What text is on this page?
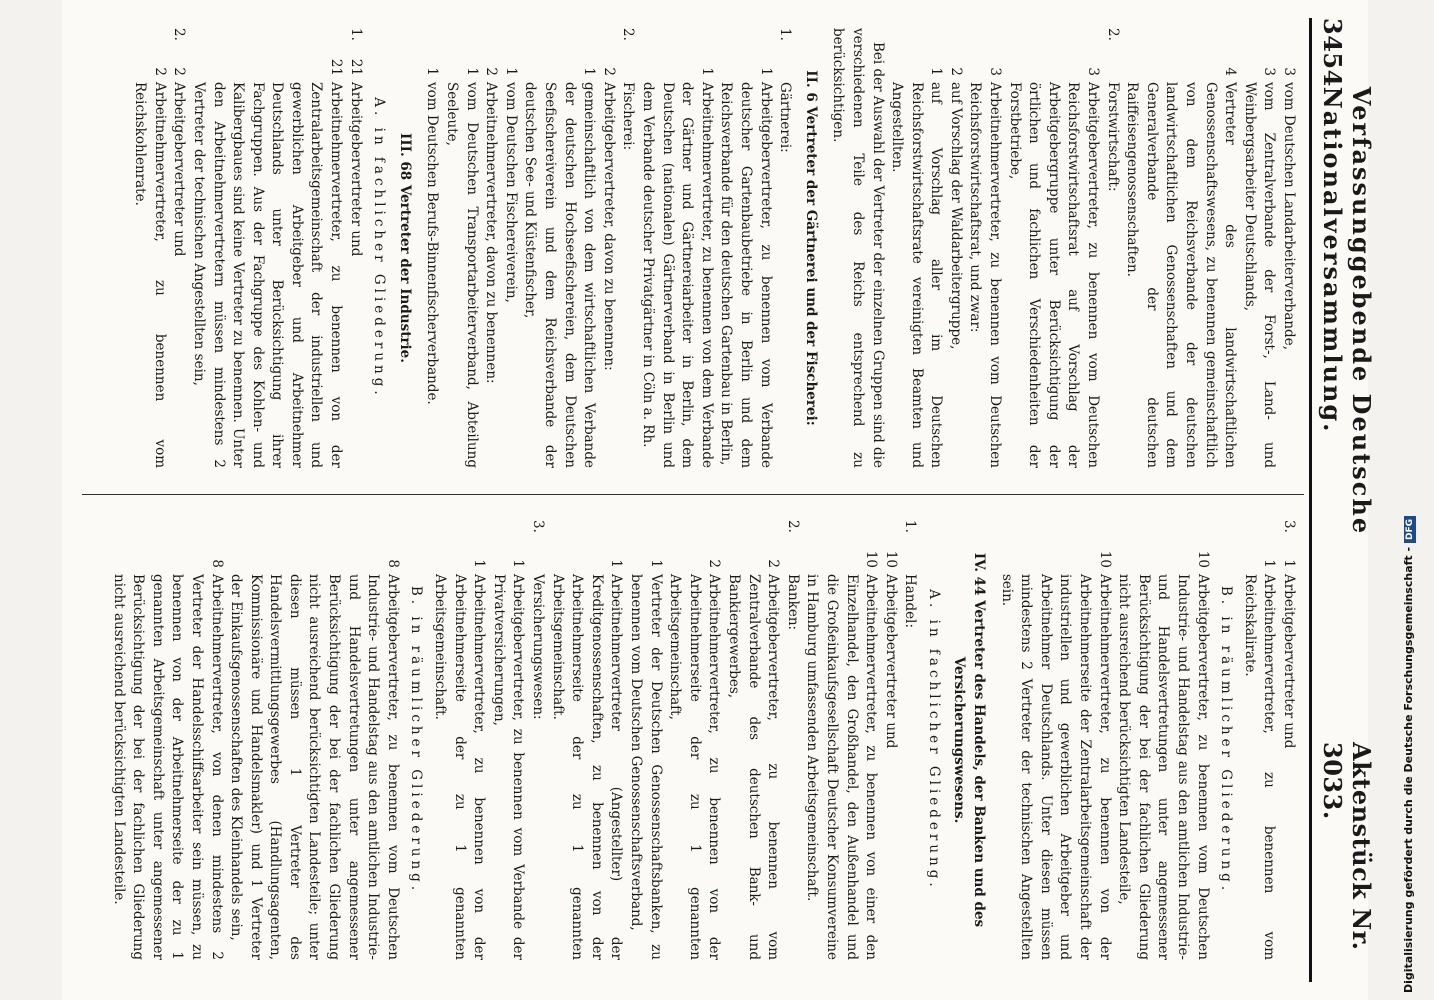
3454
Verfassunggebende Deutsche Nationalversammlung.
Aktenstück Nr. 3033.
3
vom Deutschen Landarbeiterverbande,
3
vom Zentralverbande der Forst-, Land- und Weinbergsarbeiter Deutschlands,
4
Vertreter des landwirtschaftlichen Genossenschaftswesens, zu benennen gemeinschaftlich von dem Reichsverbande der deutschen landwirtschaftlichen Genossenschaften und dem Generalverbande der deutschen Raiffeisengenossenschaften.
2.
Forstwirtschaft:
3
Arbeitgebervertreter, zu benennen vom Deutschen Reichsforstwirtschaftsrat auf Vorschlag der Arbeitgebergruppe unter Berücksichtigung der örtlichen und fachlichen Verschiedenheiten der Forstbetriebe,
3
Arbeitnehmervertreter, zu benennen vom Deutschen Reichsforstwirtschaftsrat, und zwar:
2
auf Vorschlag der Waldarbeitergruppe,
1
auf Vorschlag aller im Deutschen Reichsforstwirtschaftsrate vereinigten Beamten und Angestellten.
Bei der Auswahl der Vertreter der einzelnen Gruppen sind die verschiedenen Teile des Reichs entsprechend zu berücksichtigen.
II. 6 Vertreter der Gärtnerei und der Fischerei:
1.
Gärtnerei:
1
Arbeitgebervertreter, zu benennen vom Verbande deutscher Gartenbaubetriebe in Berlin und dem Reichsverbande für den deutschen Gartenbau in Berlin,
1
Arbeitnehmervertreter, zu benennen von dem Verbande der Gärtner und Gärtnereiarbeiter in Berlin, dem Deutschen (nationalen) Gärtnerverband in Berlin und dem Verbande deutscher Privatgärtner in Cöln a. Rh.
2.
Fischerei:
2
Arbeitgebervertreter, davon zu benennen:
1
gemeinschaftlich von dem wirtschaftlichen Verbande der deutschen Hochseefischereien, dem Deutschen Seefischereiverein und dem Reichsverbande der deutschen See- und Küstenfischer,
1
vom Deutschen Fischereiverein,
2
Arbeitnehmervertreter, davon zu benennen:
1
vom Deutschen Transportarbeiterverband, Abteilung Seeleute,
1
vom Deutschen Berufs-Binnenfischerverbande.
III. 68 Vertreter der Industrie.
A. in fachlicher Gliederung.
1.
21
Arbeitgebervertreter und
21
Arbeitnehmervertreter, zu benennen von der Zentralarbeitsgemeinschaft der industriellen und gewerblichen Arbeitgeber und Arbeitnehmer Deutschlands unter Berücksichtigung ihrer Fachgruppen. Aus der Fachgruppe des Kohlen- und Kalibergbaues sind keine Vertreter zu benennen. Unter den Arbeitnehmervertretern müssen mindestens 2 Vertreter der technischen Angestellten sein,
2.
2
Arbeitgebervertreter und
2
Arbeitnehmervertreter, zu benennen vom Reichskohlenrate.
3.
1
Arbeitgebervertreter und
1
Arbeitnehmervertreter, zu benennen vom Reichskalirate.
B. in räumlicher Gliederung.
10
Arbeitgebervertreter, zu benennen vom Deutschen Industrie- und Handelstag aus den amtlichen Industrie- und Handelsvertretungen unter angemessener Berücksichtigung der bei der fachlichen Gliederung nicht ausreichend berücksichtigten Landesteile,
10
Arbeitnehmervertreter, zu benennen von der Arbeitnehmerseite der Zentralarbeitsgemeinschaft der industriellen und gewerblichen Arbeitgeber und Arbeitnehmer Deutschlands. Unter diesen müssen mindestens 2 Vertreter der technischen Angestellten sein.
IV. 44 Vertreter des Handels, der Banken und des Versicherungswesens.
A. in fachlicher Gliederung.
1.
Handel:
10
Arbeitgebervertreter und
10
Arbeitnehmervertreter, zu benennen von einer den Einzelhandel, den Großhandel, den Außenhandel und die Großeinkaufsgesellschaft Deutscher Konsumvereine in Hamburg umfassenden Arbeitsgemeinschaft.
2.
Banken:
2
Arbeitgebervertreter, zu benennen vom Zentralverbande des deutschen Bank- und Bankiergewerbes,
2
Arbeitnehmervertreter, zu benennen von der Arbeitnehmerseite der zu 1 genannten Arbeitsgemeinschaft,
1
Vertreter der Deutschen Genossenschaftsbanken, zu benennen vom Deutschen Genossenschaftsverband,
1
Arbeitnehmervertreter (Angestellter) der Kreditgenossenschaften, zu benennen von der Arbeitnehmerseite der zu 1 genannten Arbeitsgemeinschaft.
3.
Versicherungswesen:
1
Arbeitgebervertreter, zu benennen vom Verbande der Privatversicherungen,
1
Arbeitnehmervertreter, zu benennen von der Arbeitnehmerseite der zu 1 genannten Arbeitsgemeinschaft.
B. in räumlicher Gliederung.
8
Arbeitgebervertreter, zu benennen vom Deutschen Industrie- und Handelstag aus den amtlichen Industrie- und Handelsvertretungen unter angemessener Berücksichtigung der bei der fachlichen Gliederung nicht ausreichend berücksichtigten Landesteile; unter diesen müssen 1 Vertreter des Handelsvermittlungsgewerbes (Handlungsagenten, Kommissionäre und Handelsmakler) und 1 Vertreter der Einkaufsgenossenschaften des Kleinhandels sein,
8
Arbeitnehmervertreter, von denen mindestens 2 Vertreter der Handelsschiffsarbeiter sein müssen, zu benennen von der Arbeitnehmerseite der zu 1 genannten Arbeitsgemeinschaft unter angemessener Berücksichtigung der bei der fachlichen Gliederung nicht ausreichend berücksichtigten Landesteile.	Digitalisierung gefördert durch die Deutsche Forschungsgemeinschaft -DFG
